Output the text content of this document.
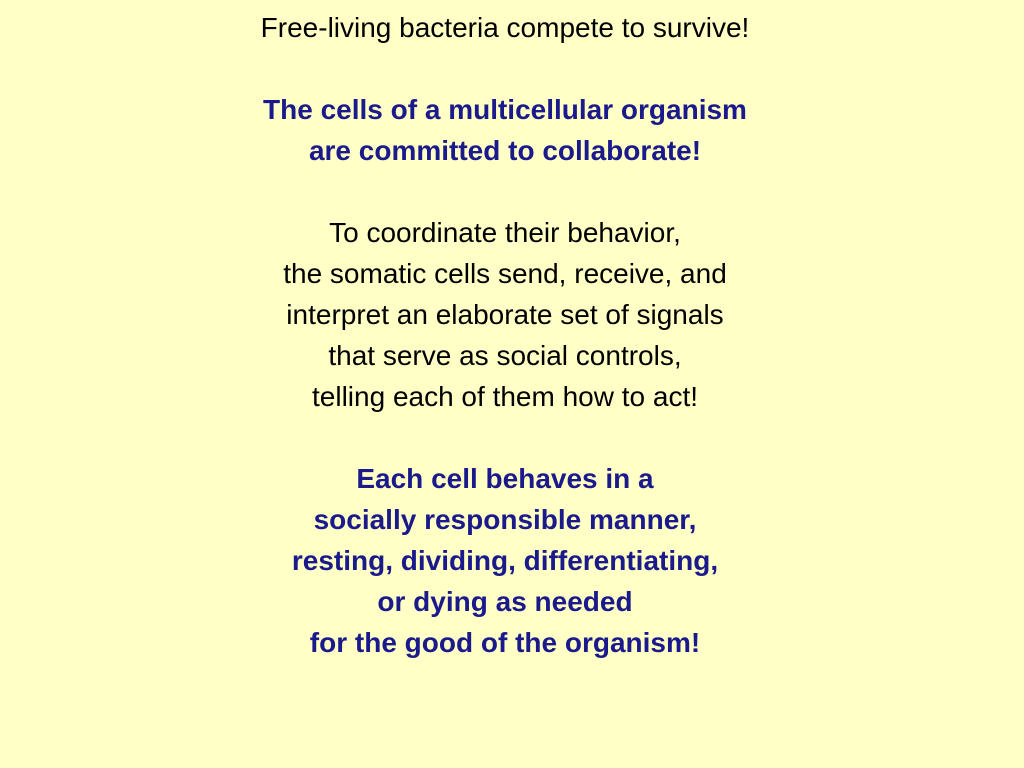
Free-living bacteria compete to survive!
The cells of a multicellular organism
are committed to collaborate!
To coordinate their behavior,
the somatic cells send, receive, and
interpret an elaborate set of signals
that serve as social controls,
telling each of them how to act!
Each cell behaves in a
socially responsible manner,
resting, dividing, differentiating,
or dying as needed
for the good of the organism!
